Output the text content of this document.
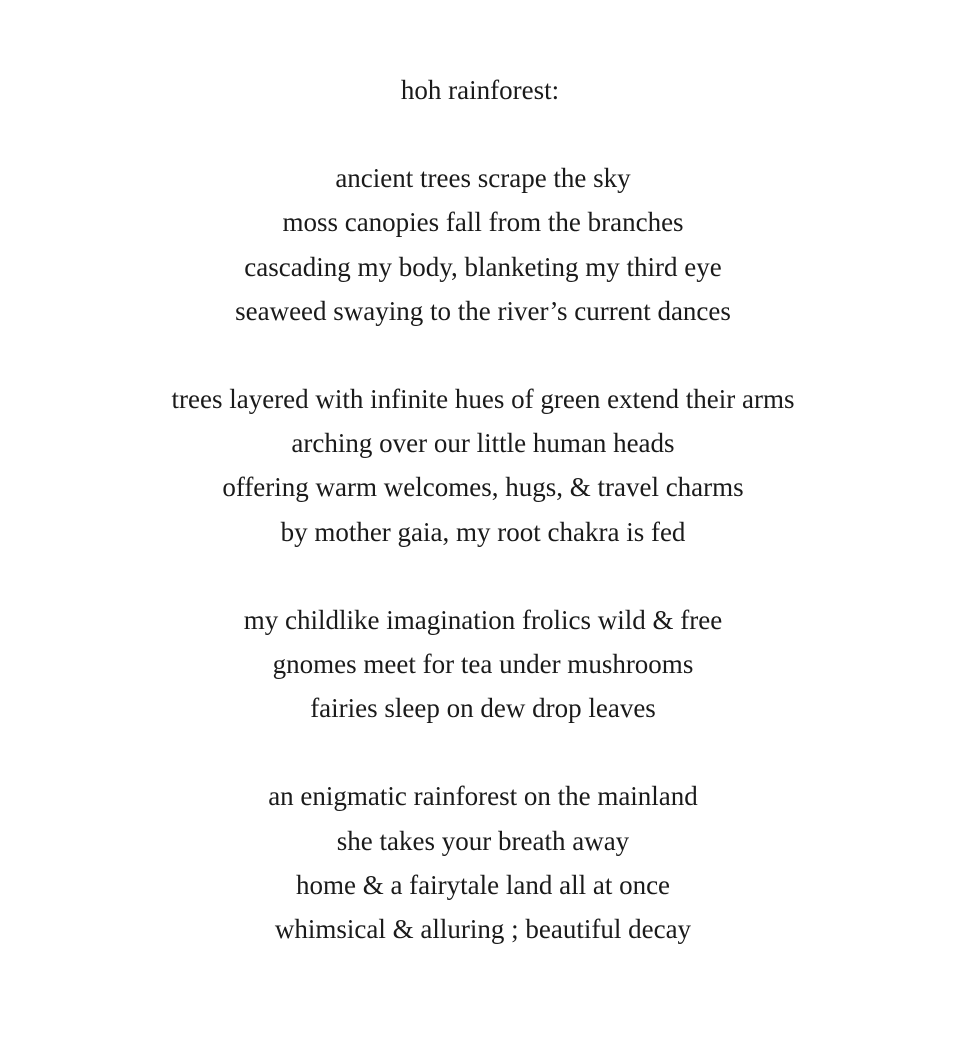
hoh rainforest:
ancient trees scrape the sky
moss canopies fall from the branches
cascading my body, blanketing my third eye
seaweed swaying to the river’s current dances
trees layered with infinite hues of green extend their arms
arching over our little human heads
offering warm welcomes, hugs, & travel charms
by mother gaia, my root chakra is fed
my childlike imagination frolics wild & free
gnomes meet for tea under mushrooms
fairies sleep on dew drop leaves
an enigmatic rainforest on the mainland
she takes your breath away
home & a fairytale land all at once
whimsical & alluring ; beautiful decay
